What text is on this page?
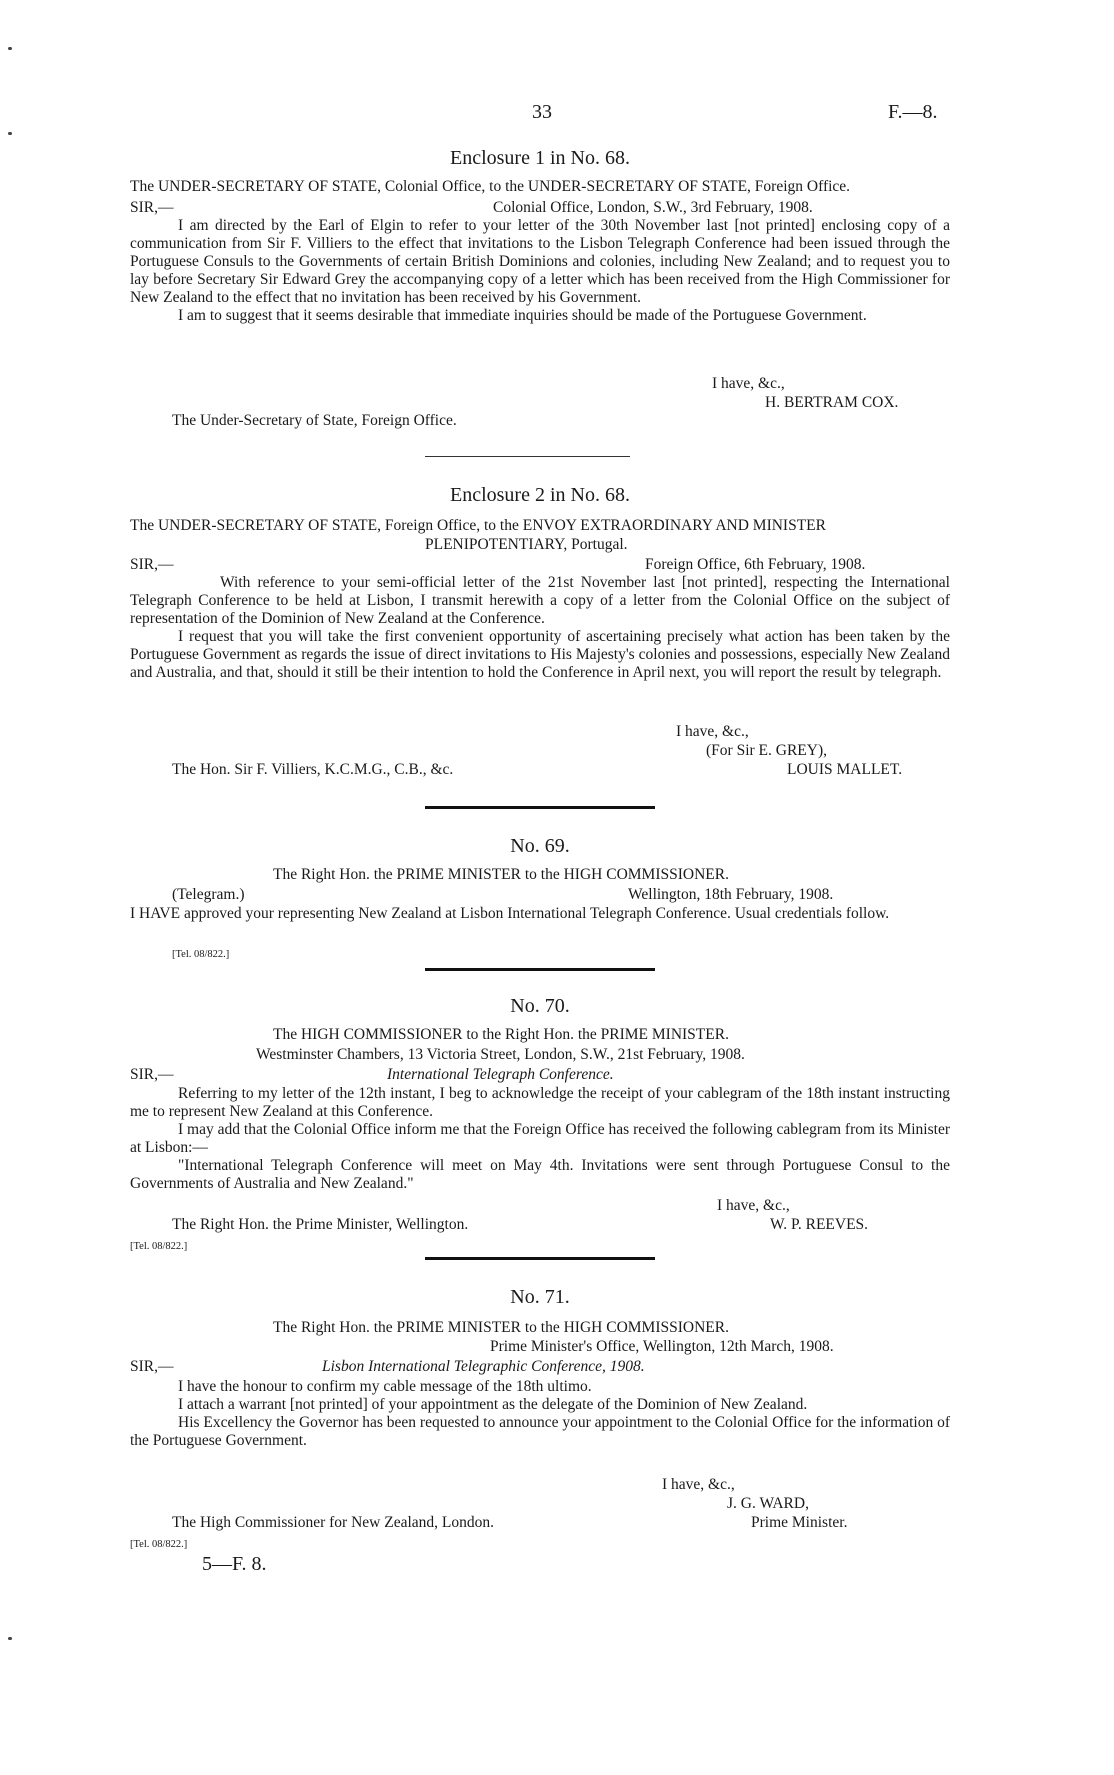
33	F.—8.
Enclosure 1 in No. 68.
The UNDER-SECRETARY OF STATE, Colonial Office, to the UNDER-SECRETARY OF STATE, Foreign Office.
SIR,—	Colonial Office, London, S.W., 3rd February, 1908.

I am directed by the Earl of Elgin to refer to your letter of the 30th November last [not printed] enclosing copy of a communication from Sir F. Villiers to the effect that invitations to the Lisbon Telegraph Conference had been issued through the Portuguese Consuls to the Governments of certain British Dominions and colonies, including New Zealand; and to request you to lay before Secretary Sir Edward Grey the accompanying copy of a letter which has been received from the High Commissioner for New Zealand to the effect that no invitation has been received by his Government.

I am to suggest that it seems desirable that immediate inquiries should be made of the Portuguese Government.

I have, &c.,
H. BERTRAM COX.
The Under-Secretary of State, Foreign Office.
Enclosure 2 in No. 68.
The UNDER-SECRETARY OF STATE, Foreign Office, to the ENVOY EXTRAORDINARY AND MINISTER
PLENIPOTENTIARY, Portugal.
SIR,—	Foreign Office, 6th February, 1908.

With reference to your semi-official letter of the 21st November last [not printed], respecting the International Telegraph Conference to be held at Lisbon, I transmit herewith a copy of a letter from the Colonial Office on the subject of representation of the Dominion of New Zealand at the Conference.

I request that you will take the first convenient opportunity of ascertaining precisely what action has been taken by the Portuguese Government as regards the issue of direct invitations to His Majesty's colonies and possessions, especially New Zealand and Australia, and that, should it still be their intention to hold the Conference in April next, you will report the result by telegraph.

I have, &c.,
(For Sir E. GREY),
The Hon. Sir F. Villiers, K.C.M.G., C.B., &c.	LOUIS MALLET.
No. 69.
The Right Hon. the PRIME MINISTER to the HIGH COMMISSIONER.
(Telegram.)	Wellington, 18th February, 1908.

I HAVE approved your representing New Zealand at Lisbon International Telegraph Conference. Usual credentials follow.

[Tel. 08/822.]
No. 70.
The HIGH COMMISSIONER to the Right Hon. the PRIME MINISTER.
Westminster Chambers, 13 Victoria Street, London, S.W., 21st February, 1908.
SIR,—	International Telegraph Conference.

Referring to my letter of the 12th instant, I beg to acknowledge the receipt of your cablegram of the 18th instant instructing me to represent New Zealand at this Conference.

I may add that the Colonial Office inform me that the Foreign Office has received the following cablegram from its Minister at Lisbon:—

"International Telegraph Conference will meet on May 4th. Invitations were sent through Portuguese Consul to the Governments of Australia and New Zealand."

I have, &c.,
The Right Hon. the Prime Minister, Wellington.	W. P. REEVES.
[Tel. 08/822.]
No. 71.
The Right Hon. the PRIME MINISTER to the HIGH COMMISSIONER.
Prime Minister's Office, Wellington, 12th March, 1908.
SIR,—	Lisbon International Telegraphic Conference, 1908.

I have the honour to confirm my cable message of the 18th ultimo.

I attach a warrant [not printed] of your appointment as the delegate of the Dominion of New Zealand.

His Excellency the Governor has been requested to announce your appointment to the Colonial Office for the information of the Portuguese Government.

I have, &c.,
J. G. WARD,
The High Commissioner for New Zealand, London.	Prime Minister.
[Tel. 08/822.]
5—F. 8.
